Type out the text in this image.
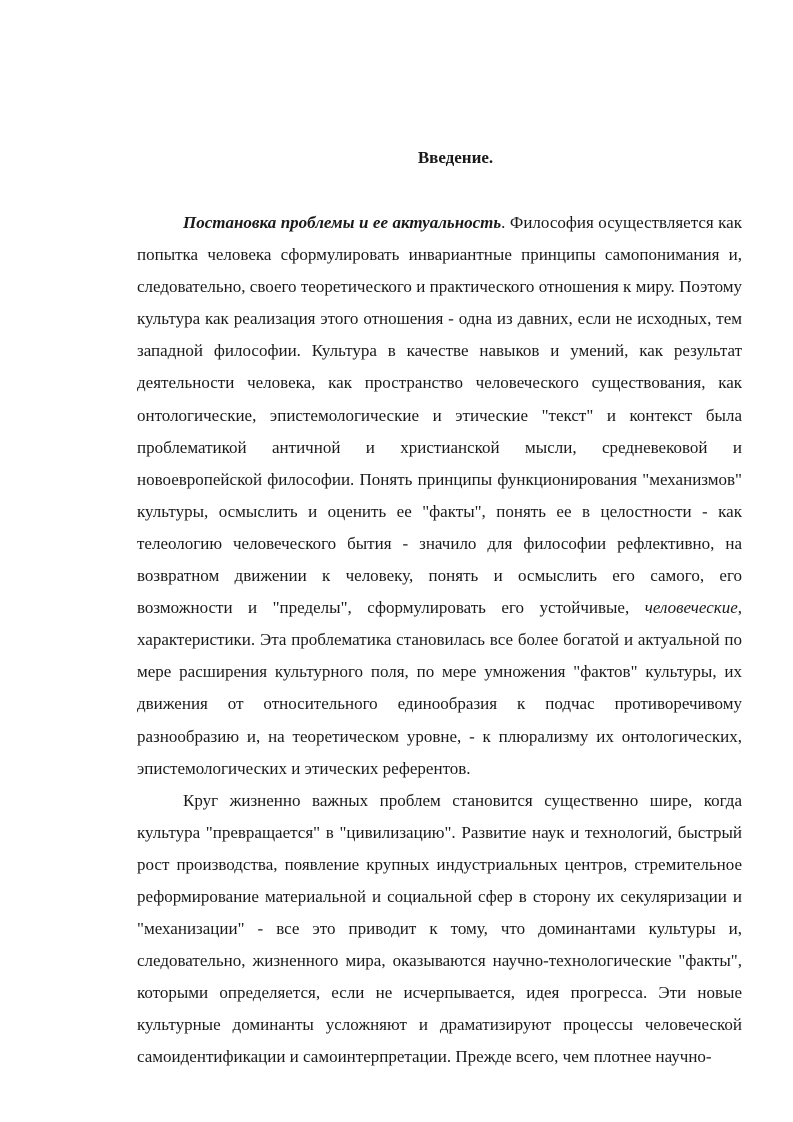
Введение.

Постановка проблемы и ее актуальность. Философия осуществляется как попытка человека сформулировать инвариантные принципы самопонимания и, следовательно, своего теоретического и практического отношения к миру. Поэтому культура как реализация этого отношения - одна из давних, если не исходных, тем западной философии. Культура в качестве навыков и умений, как результат деятельности человека, как пространство человеческого существования, как онтологические, эпистемологические и этические "текст" и контекст была проблематикой античной и христианской мысли, средневековой и новоевропейской философии. Понять принципы функционирования "механизмов" культуры, осмыслить и оценить ее "факты", понять ее в целостности - как телеологию человеческого бытия - значило для философии рефлективно, на возвратном движении к человеку, понять и осмыслить его самого, его возможности и "пределы", сформулировать его устойчивые, человеческие, характеристики. Эта проблематика становилась все более богатой и актуальной по мере расширения культурного поля, по мере умножения "фактов" культуры, их движения от относительного единообразия к подчас противоречивому разнообразию и, на теоретическом уровне, - к плюрализму их онтологических, эпистемологических и этических референтов.

Круг жизненно важных проблем становится существенно шире, когда культура "превращается" в "цивилизацию". Развитие наук и технологий, быстрый рост производства, появление крупных индустриальных центров, стремительное реформирование материальной и социальной сфер в сторону их секуляризации и "механизации" - все это приводит к тому, что доминантами культуры и, следовательно, жизненного мира, оказываются научно-технологические "факты", которыми определяется, если не исчерпывается, идея прогресса. Эти новые культурные доминанты усложняют и драматизируют процессы человеческой самоидентификации и самоинтерпретации. Прежде всего, чем плотнее научно-
